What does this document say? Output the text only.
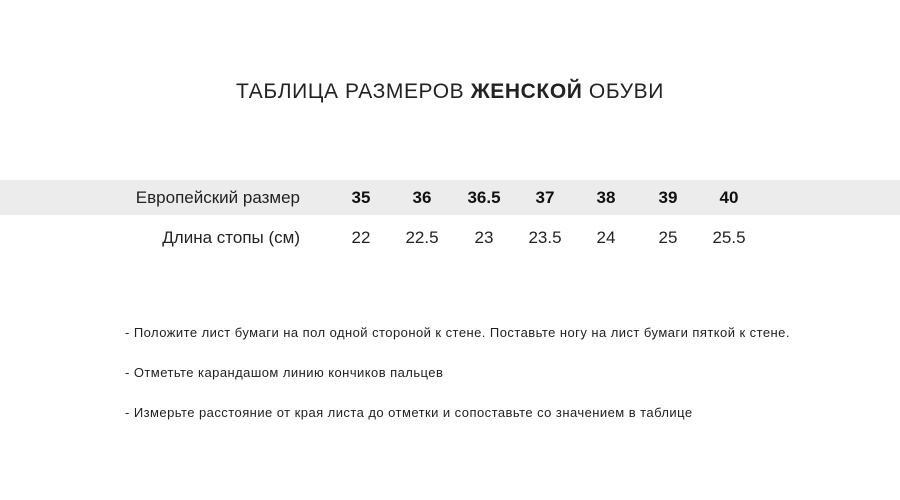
ТАБЛИЦА РАЗМЕРОВ ЖЕНСКОЙ ОБУВИ
Европейский размер	35	36	36.5	37	38	39	40
Длина стопы (см)	22	22.5	23	23.5	24	25	25.5
- Положите лист бумаги на пол одной стороной к стене. Поставьте ногу на лист бумаги пяткой к стене.
- Отметьте карандашом линию кончиков пальцев
- Измерьте расстояние от края листа до отметки и сопоставьте со значением в таблице
